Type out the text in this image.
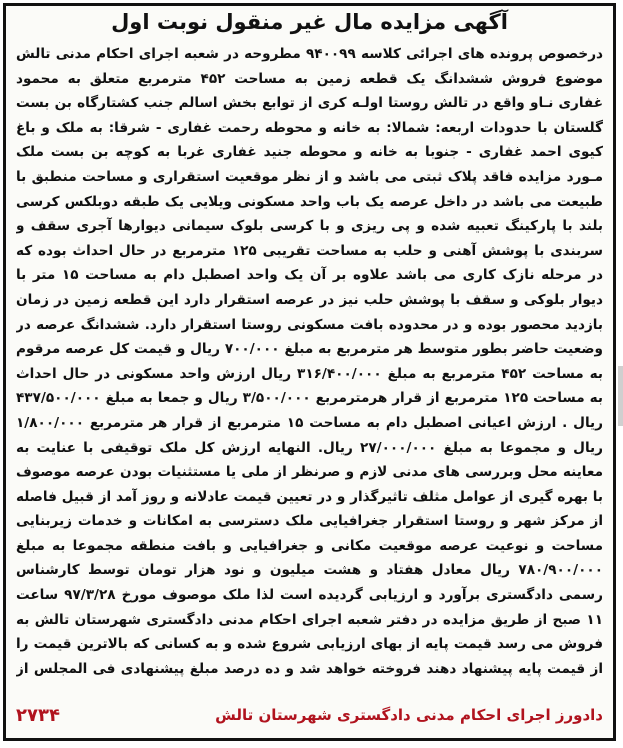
آگهی مزایده مال غیر منقول نوبت اول

درخصوص پرونده های اجرائی کلاسه ۹۴۰۰۹۹ مطروحه در شعبه اجرای احکام مدنی تالش موضوع فروش ششدانگ یک قطعه زمین به مساحت ۴۵۲ مترمربع متعلق به محمود غفاری نـاو واقع در تالش روستا اولـه کری از توابع بخش اسالم جنب کشتارگاه بن بست گلستان با حدودات اربعه: شمالا: به خانه و محوطه رحمت غفاری - شرقا: به ملک و باغ کیوی احمد غفاری - جنوبا به خانه و محوطه جنید غفاری غربا به کوچه بن بست ملک مـورد مزایده فاقد پلاک ثبتی می باشد و از نظر موقعیت استقراری و مساحت منطبق با طبیعت می باشد در داخل عرصه یک باب واحد مسکونی ویلایی یک طبقه دوبلکس کرسی بلند با پارکینگ تعبیه شده و پی ریزی و با کرسی بلوک سیمانی دیوارها آجری سقف و سربندی با پوشش آهنی و حلب به مساحت تقریبی ۱۲۵ مترمربع در حال احداث بوده که در مرحله نازک کاری می باشد علاوه بر آن یک واحد اصطبل دام به مساحت ۱۵ متر با دیوار بلوکی و سقف با پوشش حلب نیز در عرصه استقرار دارد این قطعه زمین در زمان بازدید محصور بوده و در محدوده بافت مسکونی روستا استقرار دارد. ششدانگ عرصه در وضعیت حاضر بطور متوسط هر مترمربع به مبلغ ۷۰۰/۰۰۰ ریال و قیمت کل عرصه مرقوم به مساحت ۴۵۲ مترمربع به مبلغ ۳۱۶/۴۰۰/۰۰۰ ریال ارزش واحد مسکونی در حال احداث به مساحت ۱۲۵ مترمربع از قرار هرمترمربع ۳/۵۰۰/۰۰۰ ریال و جمعا به مبلغ ۴۳۷/۵۰۰/۰۰۰ ریال . ارزش اعیانی اصطبل دام به مساحت ۱۵ مترمربع از قرار هر مترمربع ۱/۸۰۰/۰۰۰ ریال و مجموعا به مبلغ ۲۷/۰۰۰/۰۰۰ ریال. النهایه ارزش کل ملک توقیفی با عنایت به معاینه محل وبررسی های مدنی لازم و صرنظر از ملی یا مستثنیات بودن عرصه موصوف با بهره گیری از عوامل مثلف تاثیرگذار و در تعیین قیمت عادلانه و روز آمد از قبیل فاصله از مرکز شهر و روستا استقرار جغرافیایی ملک دسترسی به امکانات و خدمات زیربنایی مساحت و نوعیت عرصه موقعیت مکانی و جغرافیایی و بافت منطقه مجموعا به مبلغ ۷۸۰/۹۰۰/۰۰۰ ریال معادل هفتاد و هشت میلیون و نود هزار تومان توسط کارشناس رسمی دادگستری برآورد و ارزیابی گردیده است لذا ملک موصوف مورخ ۹۷/۳/۲۸ ساعت ۱۱ صبح از طریق مزایده در دفتر شعبه اجرای احکام مدنی دادگستری شهرستان تالش به فروش می رسد قیمت پایه از بهای ارزیابی شروع شده و به کسانی که بالاترین قیمت را از قیمت پایه پیشنهاد دهند فروخته خواهد شد و ده درصد مبلغ پیشنهادی فی المجلس از

دادورز اجرای احکام مدنی دادگستری شهرستان تالش
۲۷۳۴
